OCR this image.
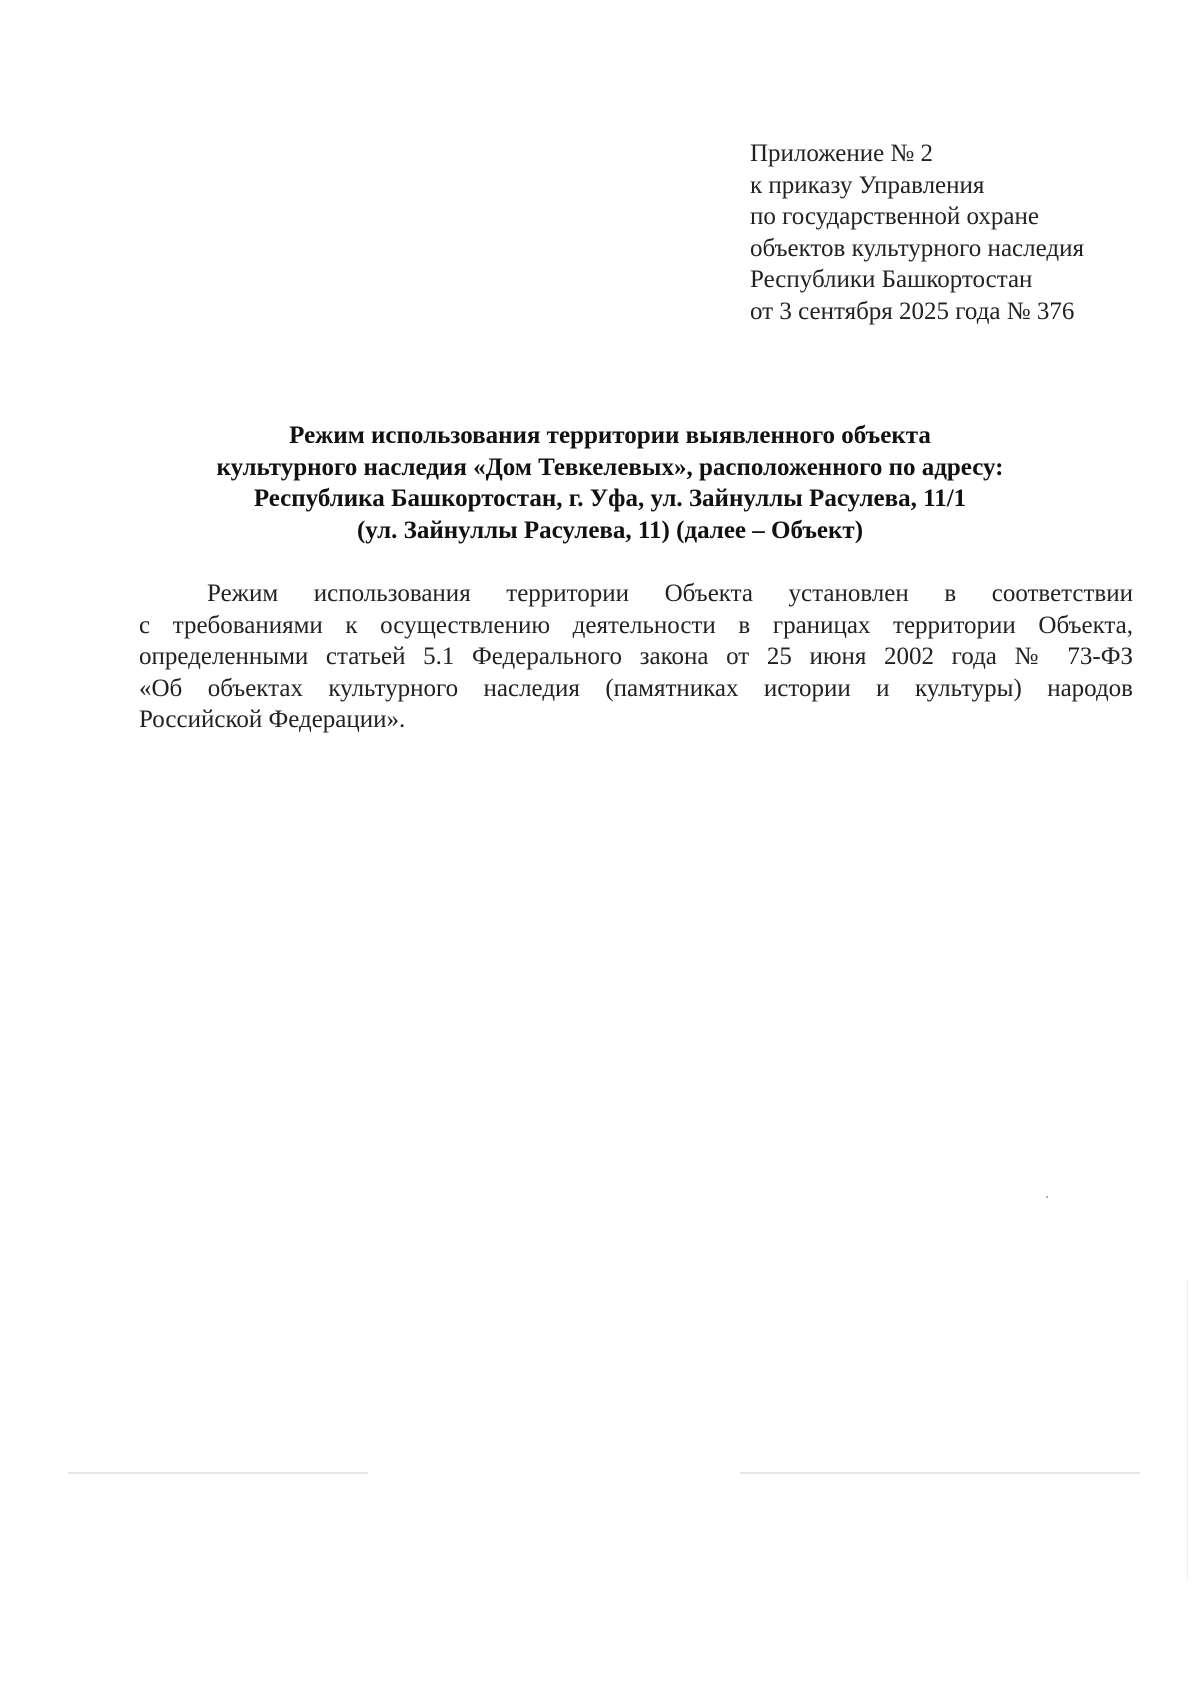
Приложение № 2
к приказу Управления
по государственной охране
объектов культурного наследия
Республики Башкортостан
от 3 сентября 2025 года № 376
Режим использования территории выявленного объекта
культурного наследия «Дом Тевкелевых», расположенного по адресу:
Республика Башкортостан, г. Уфа, ул. Зайнуллы Расулева, 11/1
(ул. Зайнуллы Расулева, 11) (далее – Объект)
Режим использования территории Объекта установлен в соответствии
с требованиями к осуществлению деятельности в границах территории Объекта,
определенными статьей 5.1 Федерального закона от 25 июня 2002 года № 73-ФЗ
«Об объектах культурного наследия (памятниках истории и культуры) народов
Российской Федерации».
